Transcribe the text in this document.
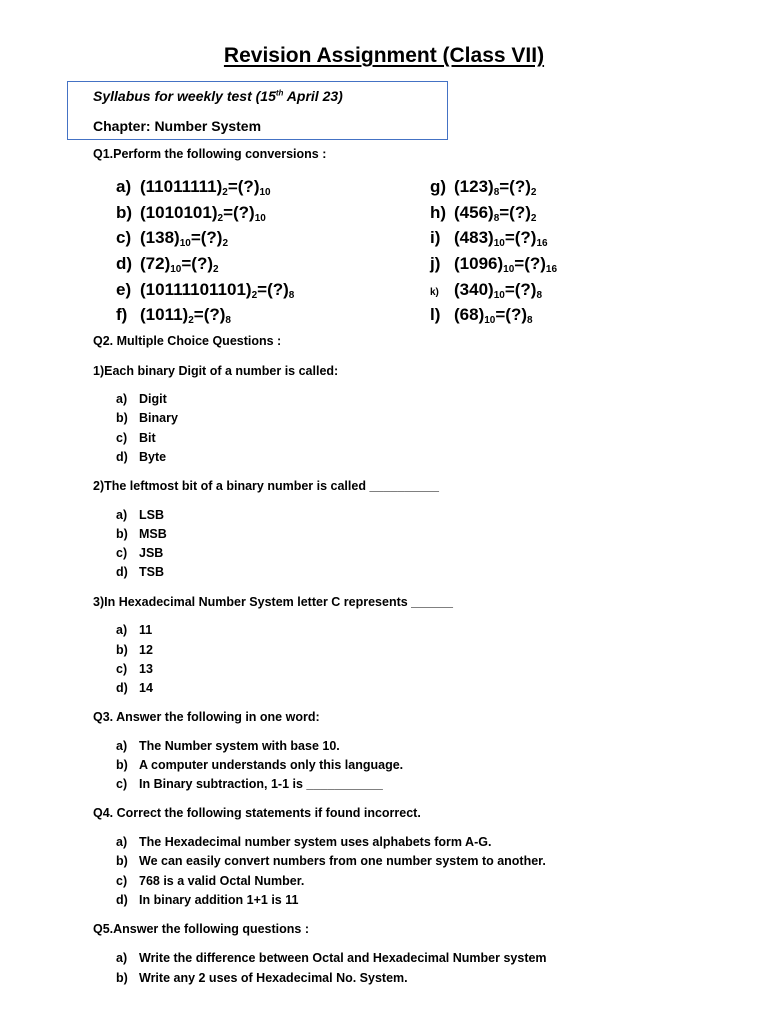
Revision Assignment (Class VII)
Syllabus for weekly test (15th April 23)
Chapter: Number System
Q1.Perform the following conversions :
a) $(11011111)_2=(?)_{10}$
b) $(1010101)_2=(?)_{10}$
c) $(138)_{10}=(?)_2$
d) $(72)_{10}=(?)_2$
e) $(10111101101)_2=(?)_8$
f) $(1011)_2=(?)_8$
g) $(123)_8=(?)_2$
h) $(456)_8=(?)_2$
i) $(483)_{10}=(?)_{16}$
j) $(1096)_{10}=(?)_{16}$
k) $(340)_{10}=(?)_8$
l) $(68)_{10}=(?)_8$
Q2. Multiple Choice Questions :
1)Each binary Digit of a number is called:
a) Digit
b) Binary
c) Bit
d) Byte
2)The leftmost bit of a binary number is called __________
a) LSB
b) MSB
c) JSB
d) TSB
3)In Hexadecimal Number System letter C represents ______
a) 11
b) 12
c) 13
d) 14
Q3. Answer the following in one word:
a) The Number system with base 10.
b) A computer understands only this language.
c) In Binary subtraction, 1-1 is ___________
Q4. Correct the following statements if found incorrect.
a) The Hexadecimal number system uses alphabets form A-G.
b) We can easily convert numbers from one number system to another.
c) 768 is a valid Octal Number.
d) In binary addition 1+1 is 11
Q5.Answer the following questions :
a) Write the difference between Octal and Hexadecimal Number system
b) Write any 2 uses of Hexadecimal No. System.
